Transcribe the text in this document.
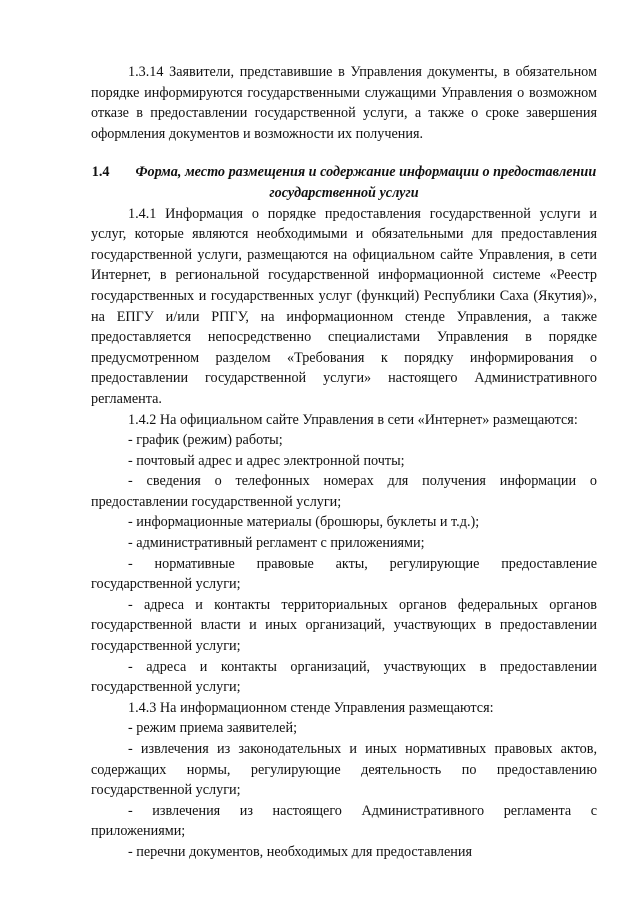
1.3.14 Заявители, представившие в Управления документы, в обязательном порядке информируются государственными служащими Управления о возможном отказе в предоставлении государственной услуги, а также о сроке завершения оформления документов и возможности их получения.

1.4 Форма, место размещения и содержание информации о предоставлении государственной услуги

1.4.1 Информация о порядке предоставления государственной услуги и услуг, которые являются необходимыми и обязательными для предоставления государственной услуги, размещаются на официальном сайте Управления, в сети Интернет, в региональной государственной информационной системе «Реестр государственных и государственных услуг (функций) Республики Саха (Якутия)», на ЕПГУ и/или РПГУ, на информационном стенде Управления, а также предоставляется непосредственно специалистами Управления в порядке предусмотренном разделом «Требования к порядку информирования о предоставлении государственной услуги» настоящего Административного регламента.

1.4.2 На официальном сайте Управления в сети «Интернет» размещаются:

- график (режим) работы;

- почтовый адрес и адрес электронной почты;

- сведения о телефонных номерах для получения информации о предоставлении государственной услуги;

- информационные материалы (брошюры, буклеты и т.д.);

- административный регламент с приложениями;

- нормативные правовые акты, регулирующие предоставление государственной услуги;

- адреса и контакты территориальных органов федеральных органов государственной власти и иных организаций, участвующих в предоставлении государственной услуги;

- адреса и контакты организаций, участвующих в предоставлении государственной услуги;

1.4.3 На информационном стенде Управления размещаются:

- режим приема заявителей;

- извлечения из законодательных и иных нормативных правовых актов, содержащих нормы, регулирующие деятельность по предоставлению государственной услуги;

- извлечения из настоящего Административного регламента с приложениями;

- перечни документов, необходимых для предоставления
